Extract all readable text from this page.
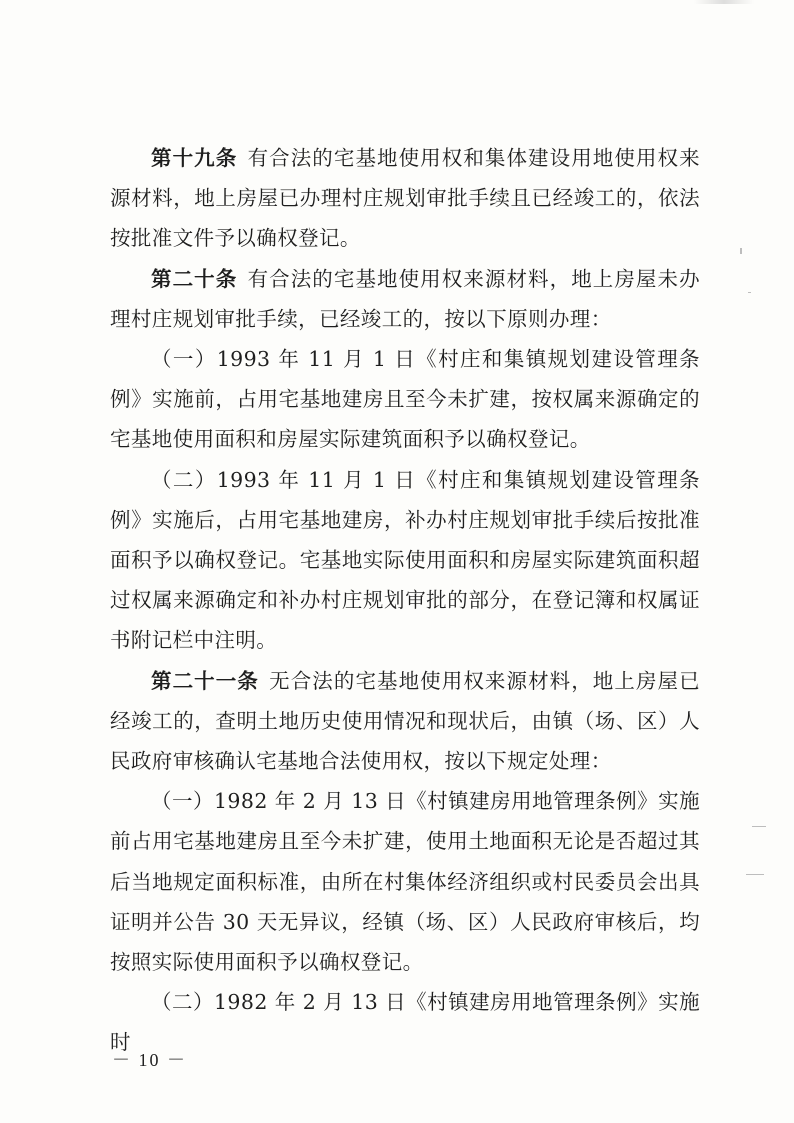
第十九条 有合法的宅基地使用权和集体建设用地使用权来源材料，地上房屋已办理村庄规划审批手续且已经竣工的，依法按批准文件予以确权登记。

第二十条 有合法的宅基地使用权来源材料，地上房屋未办理村庄规划审批手续，已经竣工的，按以下原则办理：

（一）1993 年 11 月 1 日《村庄和集镇规划建设管理条例》实施前，占用宅基地建房且至今未扩建，按权属来源确定的宅基地使用面积和房屋实际建筑面积予以确权登记。

（二）1993 年 11 月 1 日《村庄和集镇规划建设管理条例》实施后，占用宅基地建房，补办村庄规划审批手续后按批准面积予以确权登记。宅基地实际使用面积和房屋实际建筑面积超过权属来源确定和补办村庄规划审批的部分，在登记簿和权属证书附记栏中注明。

第二十一条 无合法的宅基地使用权来源材料，地上房屋已经竣工的，查明土地历史使用情况和现状后，由镇（场、区）人民政府审核确认宅基地合法使用权，按以下规定处理：

（一）1982 年 2 月 13 日《村镇建房用地管理条例》实施前占用宅基地建房且至今未扩建，使用土地面积无论是否超过其后当地规定面积标准，由所在村集体经济组织或村民委员会出具证明并公告 30 天无异议，经镇（场、区）人民政府审核后，均按照实际使用面积予以确权登记。

（二）1982 年 2 月 13 日《村镇建房用地管理条例》实施时

－ 10 －
